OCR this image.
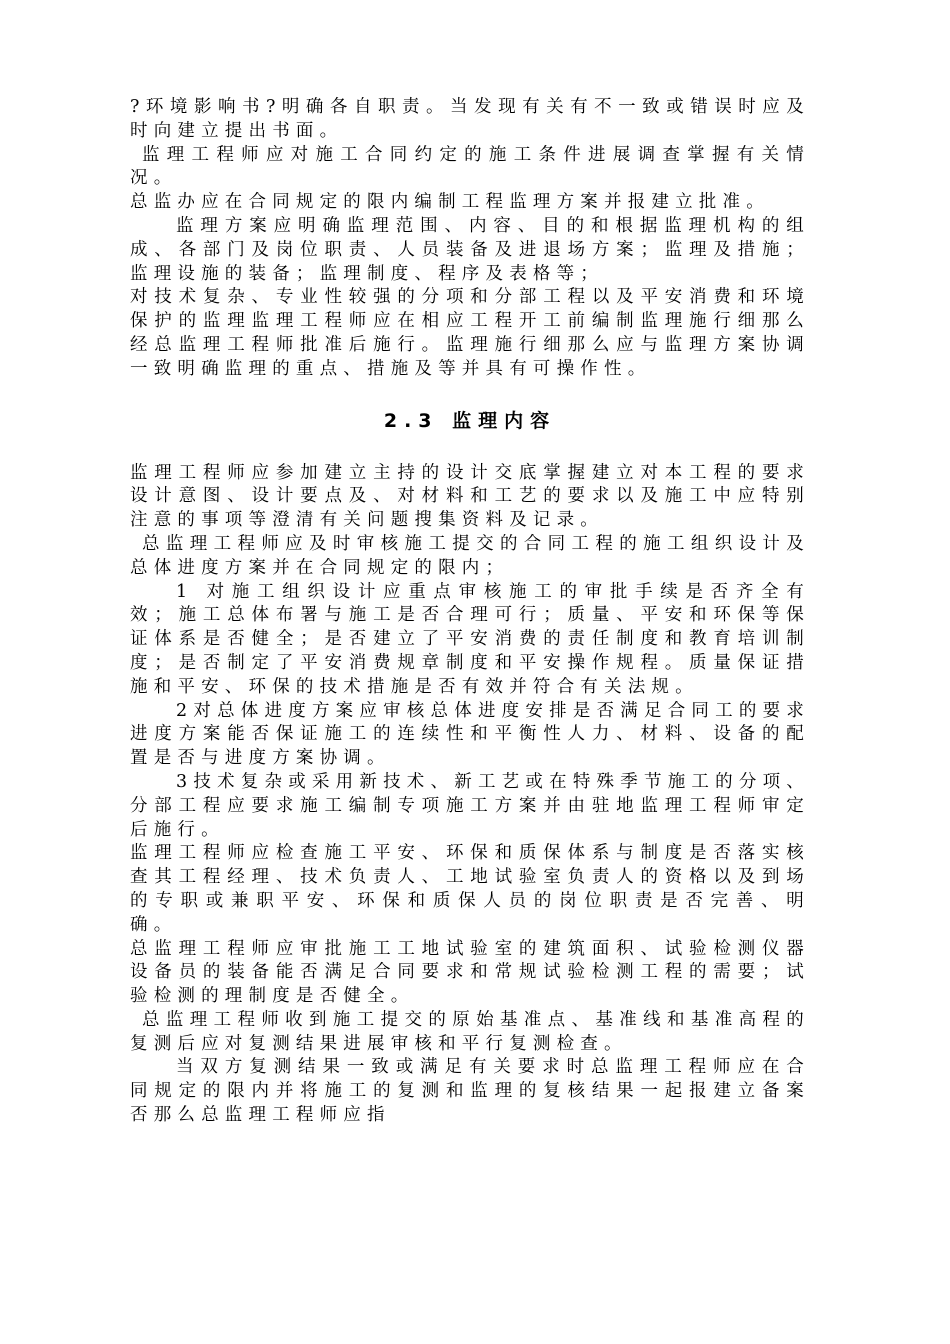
?环境影响书?明确各自职责。当发现有关有不一致或错误时应及时向建立提出书面。

监理工程师应对施工合同约定的施工条件进展调查掌握有关情况。

总监办应在合同规定的限内编制工程监理方案并报建立批准。

监理方案应明确监理范围、内容、目的和根据监理机构的组成、各部门及岗位职责、人员装备及进退场方案；监理及措施；监理设施的装备；监理制度、程序及表格等；

对技术复杂、专业性较强的分项和分部工程以及平安消费和环境保护的监理监理工程师应在相应工程开工前编制监理施行细那么经总监理工程师批准后施行。监理施行细那么应与监理方案协调一致明确监理的重点、措施及等并具有可操作性。

2.3 监理内容

监理工程师应参加建立主持的设计交底掌握建立对本工程的要求设计意图、设计要点及、对材料和工艺的要求以及施工中应特别注意的事项等澄清有关问题搜集资料及记录。

总监理工程师应及时审核施工提交的合同工程的施工组织设计及总体进度方案并在合同规定的限内；

1 对施工组织设计应重点审核施工的审批手续是否齐全有效；施工总体布署与施工是否合理可行；质量、平安和环保等保证体系是否健全；是否建立了平安消费的责任制度和教育培训制度；是否制定了平安消费规章制度和平安操作规程。质量保证措施和平安、环保的技术措施是否有效并符合有关法规。

2对总体进度方案应审核总体进度安排是否满足合同工的要求进度方案能否保证施工的连续性和平衡性人力、材料、设备的配置是否与进度方案协调。

3技术复杂或采用新技术、新工艺或在特殊季节施工的分项、分部工程应要求施工编制专项施工方案并由驻地监理工程师审定后施行。

监理工程师应检查施工平安、环保和质保体系与制度是否落实核查其工程经理、技术负责人、工地试验室负责人的资格以及到场的专职或兼职平安、环保和质保人员的岗位职责是否完善、明确。

总监理工程师应审批施工工地试验室的建筑面积、试验检测仪器设备员的装备能否满足合同要求和常规试验检测工程的需要；试验检测的理制度是否健全。

总监理工程师收到施工提交的原始基准点、基准线和基准高程的复测后应对复测结果进展审核和平行复测检查。

当双方复测结果一致或满足有关要求时总监理工程师应在合同规定的限内并将施工的复测和监理的复核结果一起报建立备案否那么总监理工程师应指
